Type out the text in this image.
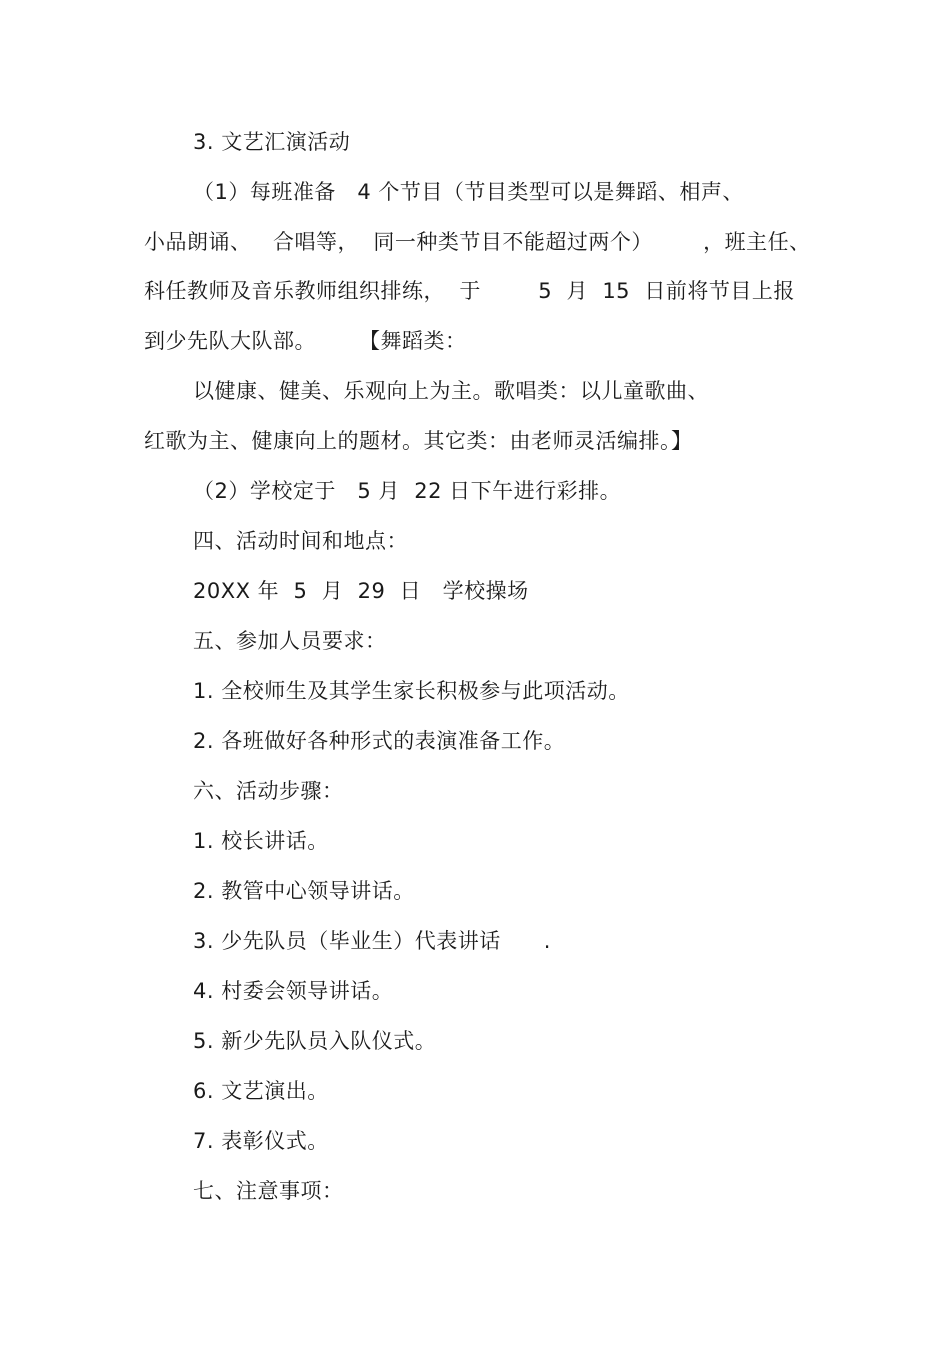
3. 文艺汇演活动
（1）每班准备   4 个节目（节目类型可以是舞蹈、相声、
小品朗诵、   合唱等，  同一种类节目不能超过两个）       ，班主任、
科任教师及音乐教师组织排练，  于        5  月  15  日前将节目上报
到少先队大队部。      【舞蹈类：
以健康、健美、乐观向上为主。歌唱类：以儿童歌曲、
红歌为主、健康向上的题材。其它类：由老师灵活编排。】
（2）学校定于   5 月  22 日下午进行彩排。
四、活动时间和地点：
20XX 年  5  月  29  日   学校操场
五、参加人员要求：
1. 全校师生及其学生家长积极参与此项活动。
2. 各班做好各种形式的表演准备工作。
六、活动步骤：
1. 校长讲话。
2. 教管中心领导讲话。
3. 少先队员（毕业生）代表讲话      .
4. 村委会领导讲话。
5. 新少先队员入队仪式。
6. 文艺演出。
7. 表彰仪式。
七、注意事项：
